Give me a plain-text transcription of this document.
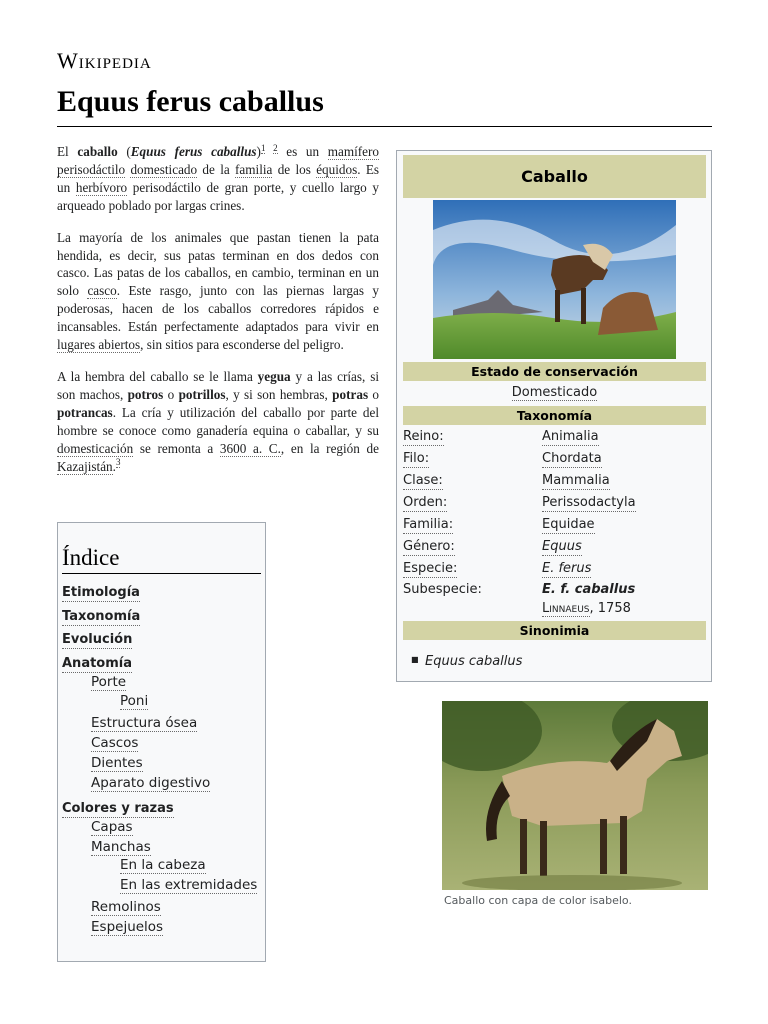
Wikipedia
Equus ferus caballus

El caballo (Equus ferus caballus)$^1$ $^2$ es un mamífero perisodáctilo domesticado de la familia de los équidos. Es un herbívoro perisodáctilo de gran porte, y cuello largo y arqueado poblado por largas crines.

La mayoría de los animales que pastan tienen la pata hendida, es decir, sus patas terminan en dos dedos con casco. Las patas de los caballos, en cambio, terminan en un solo casco. Este rasgo, junto con las piernas largas y poderosas, hacen de los caballos corredores rápidos e incansables. Están perfectamente adaptados para vivir en lugares abiertos, sin sitios para esconderse del peligro.

A la hembra del caballo se le llama yegua y a las crías, si son machos, potros o potrillos, y si son hembras, potras o potrancas. La cría y utilización del caballo por parte del hombre se conoce como ganadería equina o caballar, y su domesticación se remonta a 3600 a. C., en la región de Kazajistán.$^3$

Índice
Etimología
Taxonomía
Evolución
Anatomía
Porte
Poni
Estructura ósea
Cascos
Dientes
Aparato digestivo
Colores y razas
Capas
Manchas
En la cabeza
En las extremidades
Remolinos
Espejuelos
Caballo
Estado de conservación
Domesticado
Taxonomía
Reino:	Animalia
Filo:	Chordata
Clase:	Mammalia
Orden:	Perissodactyla
Familia:	Equidae
Género:	Equus
Especie:	E. ferus
Subespecie:	E. f. caballus
Linnaeus, 1758
Sinonimia
■ Equus caballus
Caballo con capa de color isabelo.
